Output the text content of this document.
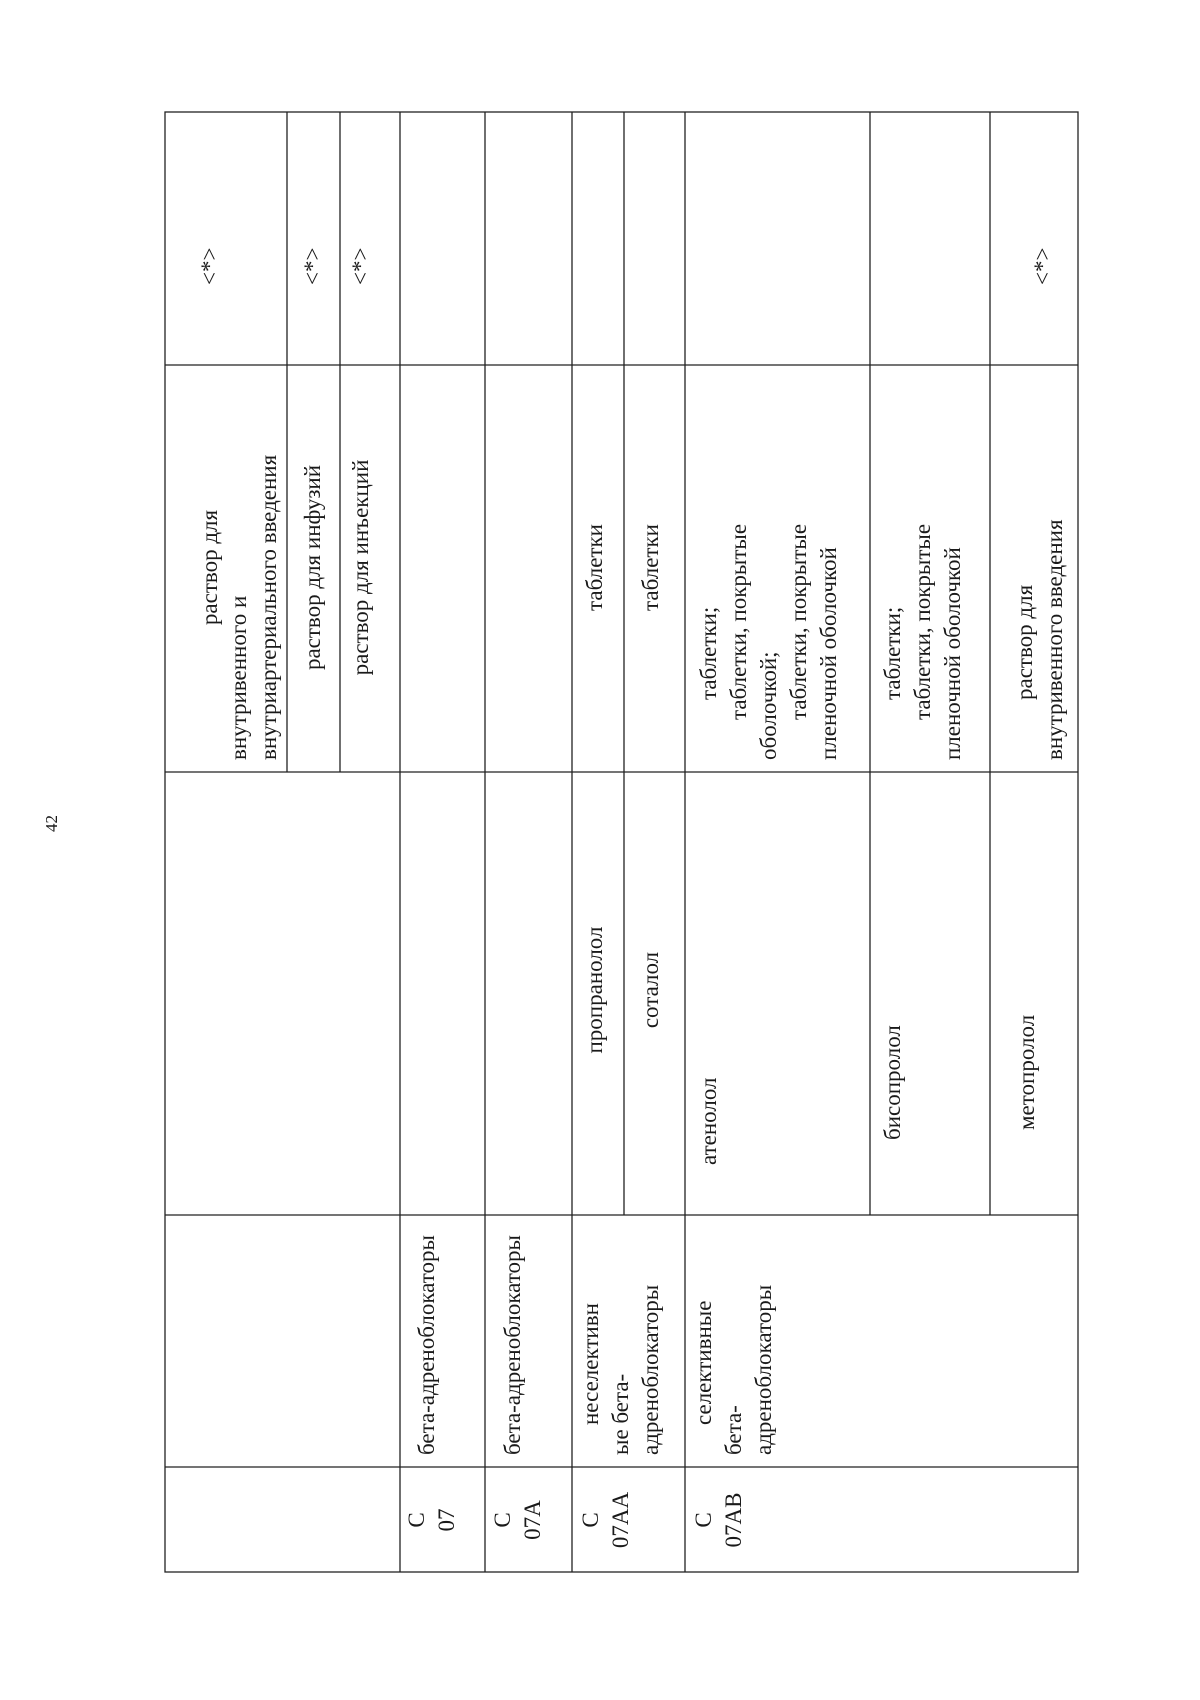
42
раствор для
внутривенного и внутриартериального введения
<*>
раствор для инфузий
<*>
раствор для инъекций
<*>
С 07
бета-адреноблокаторы
С 07А
бета-адреноблокаторы
С 07АА
неселективн ые бета- адреноблокаторы
пропранолол
таблетки
соталол
таблетки
С 07АВ
селективные
бета- адреноблокаторы
атенолол
таблетки; таблетки, покрытые оболочкой; таблетки, покрытые пленочной оболочкой
бисопролол
таблетки; таблетки, покрытые пленочной оболочкой
метопролол
раствор для внутривенного введения
<*>
